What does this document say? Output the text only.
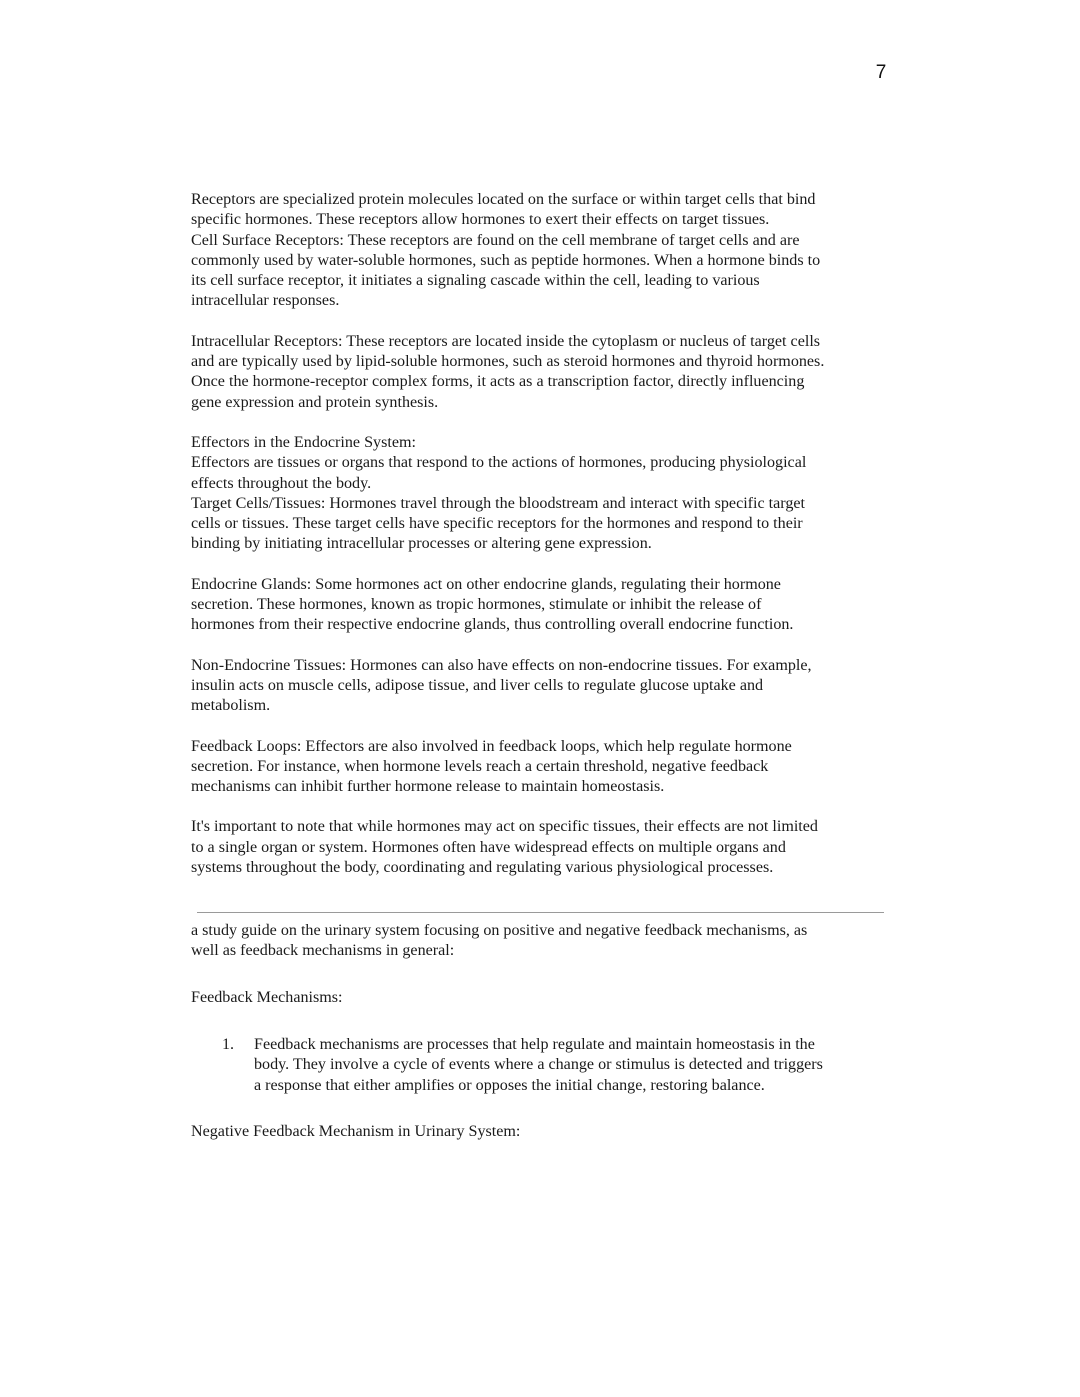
7

Receptors are specialized protein molecules located on the surface or within target cells that bind
specific hormones. These receptors allow hormones to exert their effects on target tissues.
Cell Surface Receptors: These receptors are found on the cell membrane of target cells and are
commonly used by water-soluble hormones, such as peptide hormones. When a hormone binds to
its cell surface receptor, it initiates a signaling cascade within the cell, leading to various
intracellular responses.

Intracellular Receptors: These receptors are located inside the cytoplasm or nucleus of target cells
and are typically used by lipid-soluble hormones, such as steroid hormones and thyroid hormones.
Once the hormone-receptor complex forms, it acts as a transcription factor, directly influencing
gene expression and protein synthesis.

Effectors in the Endocrine System:
Effectors are tissues or organs that respond to the actions of hormones, producing physiological
effects throughout the body.
Target Cells/Tissues: Hormones travel through the bloodstream and interact with specific target
cells or tissues. These target cells have specific receptors for the hormones and respond to their
binding by initiating intracellular processes or altering gene expression.

Endocrine Glands: Some hormones act on other endocrine glands, regulating their hormone
secretion. These hormones, known as tropic hormones, stimulate or inhibit the release of
hormones from their respective endocrine glands, thus controlling overall endocrine function.

Non-Endocrine Tissues: Hormones can also have effects on non-endocrine tissues. For example,
insulin acts on muscle cells, adipose tissue, and liver cells to regulate glucose uptake and
metabolism.

Feedback Loops: Effectors are also involved in feedback loops, which help regulate hormone
secretion. For instance, when hormone levels reach a certain threshold, negative feedback
mechanisms can inhibit further hormone release to maintain homeostasis.

It's important to note that while hormones may act on specific tissues, their effects are not limited
to a single organ or system. Hormones often have widespread effects on multiple organs and
systems throughout the body, coordinating and regulating various physiological processes.

a study guide on the urinary system focusing on positive and negative feedback mechanisms, as
well as feedback mechanisms in general:
Feedback Mechanisms:
1. Feedback mechanisms are processes that help regulate and maintain homeostasis in the
body. They involve a cycle of events where a change or stimulus is detected and triggers
a response that either amplifies or opposes the initial change, restoring balance.
Negative Feedback Mechanism in Urinary System:
